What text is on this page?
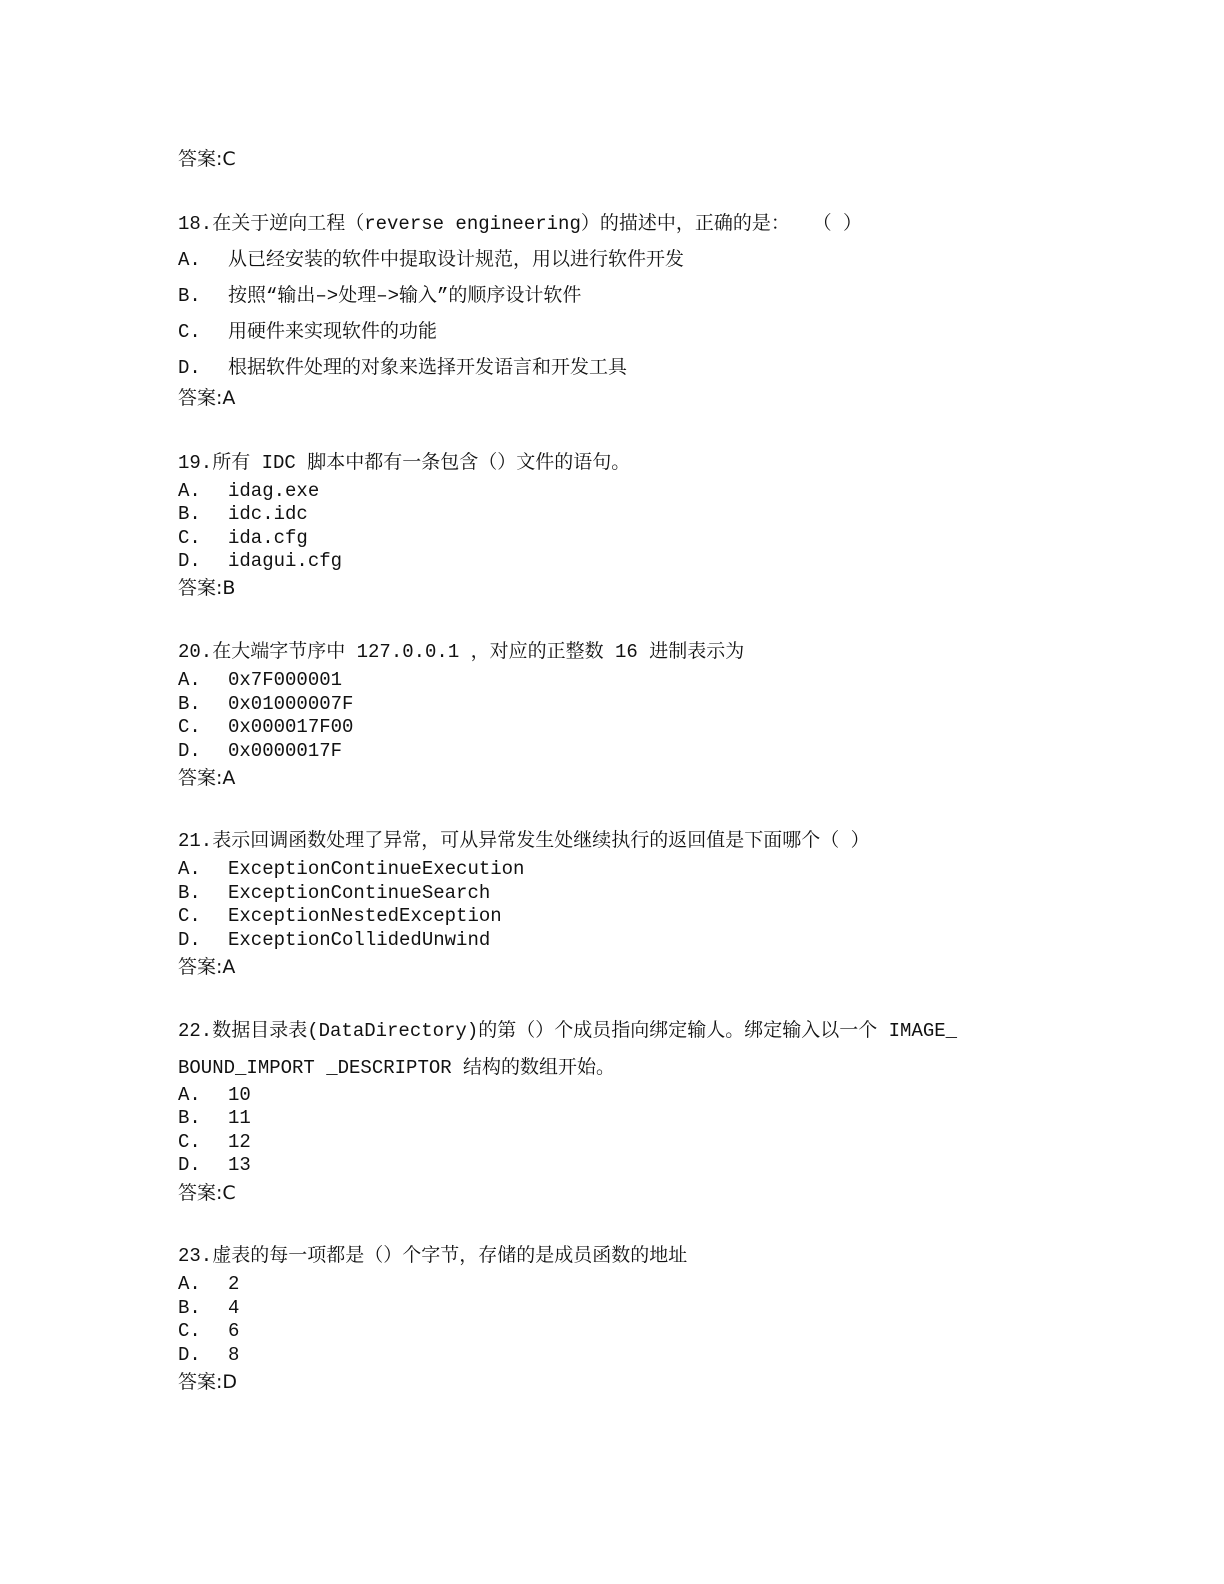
答案:C
18.在关于逆向工程（reverse engineering）的描述中，正确的是：  （ ）
A. 从已经安装的软件中提取设计规范，用以进行软件开发
B. 按照“输出–>处理–>输入”的顺序设计软件
C. 用硬件来实现软件的功能
D. 根据软件处理的对象来选择开发语言和开发工具
答案:A
19.所有 IDC 脚本中都有一条包含（）文件的语句。
A. idag.exe
B. idc.idc
C. ida.cfg
D. idagui.cfg
答案:B
20.在大端字节序中 127.0.0.1 ，对应的正整数 16 进制表示为
A. 0x7F000001
B. 0x01000007F
C. 0x000017F00
D. 0x0000017F
答案:A
21.表示回调函数处理了异常，可从异常发生处继续执行的返回值是下面哪个（ ）
A. ExceptionContinueExecution
B. ExceptionContinueSearch
C. ExceptionNestedException
D. ExceptionCollidedUnwind
答案:A
22.数据目录表(DataDirectory)的第（）个成员指向绑定输人。绑定输入以一个 IMAGE_
BOUND_IMPORT _DESCRIPTOR 结构的数组开始。
A. 10
B. 11
C. 12
D. 13
答案:C
23.虚表的每一项都是（）个字节，存储的是成员函数的地址
A. 2
B. 4
C. 6
D. 8
答案:D
